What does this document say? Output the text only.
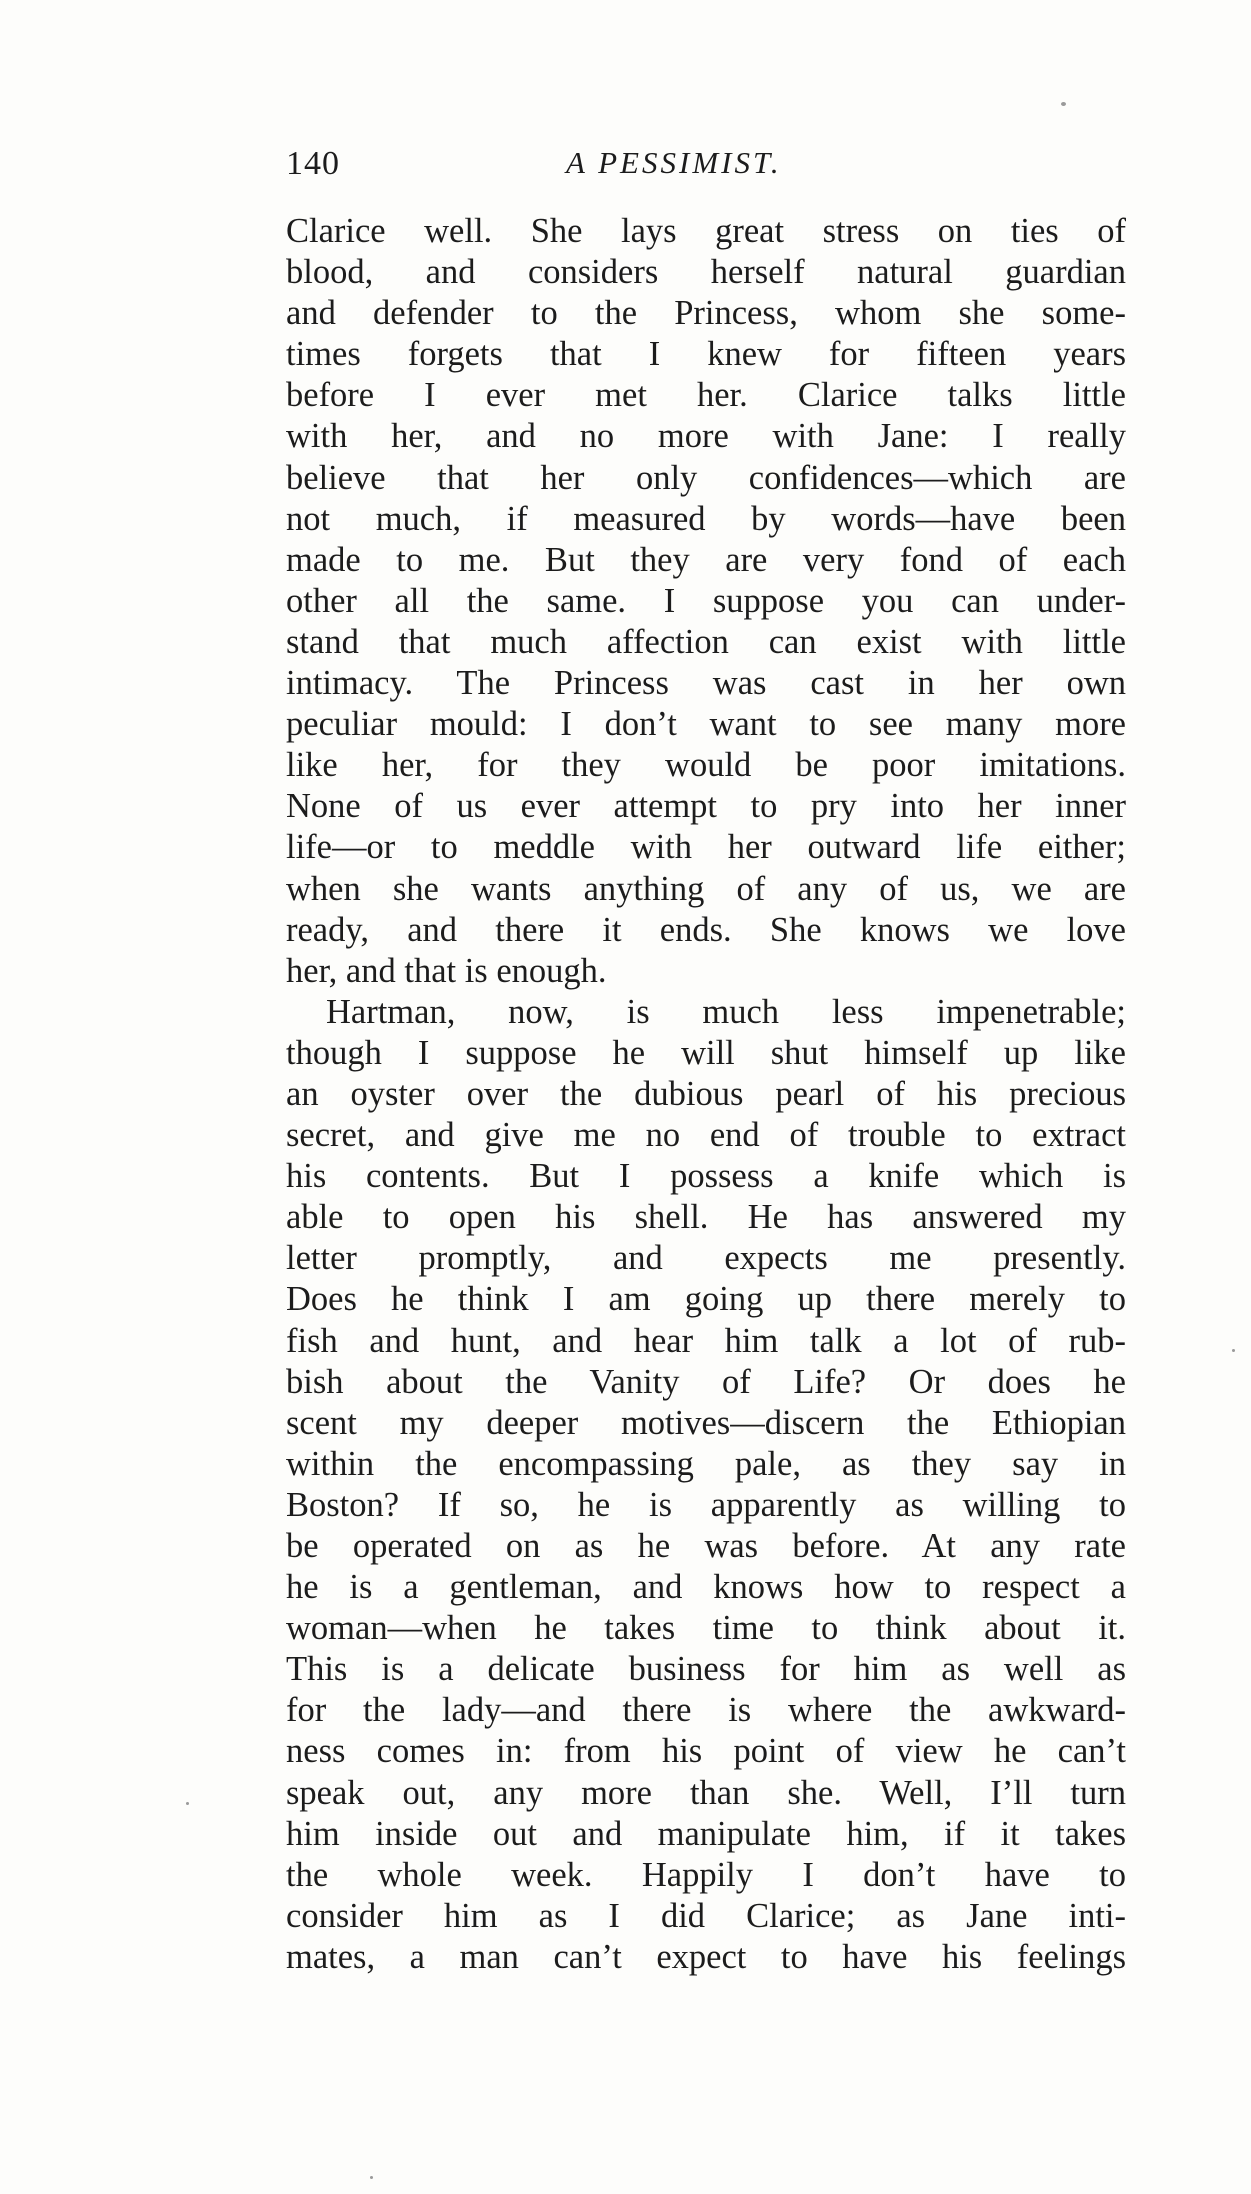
140	A PESSIMIST.
Clarice well. She lays great stress on ties of
blood, and considers herself natural guardian
and defender to the Princess, whom she some-
times forgets that I knew for fifteen years
before I ever met her. Clarice talks little
with her, and no more with Jane: I really
believe that her only confidences—which are
not much, if measured by words—have been
made to me. But they are very fond of each
other all the same. I suppose you can under-
stand that much affection can exist with little
intimacy. The Princess was cast in her own
peculiar mould: I don’t want to see many more
like her, for they would be poor imitations.
None of us ever attempt to pry into her inner
life—or to meddle with her outward life either;
when she wants anything of any of us, we are
ready, and there it ends. She knows we love
her, and that is enough.
Hartman, now, is much less impenetrable;
though I suppose he will shut himself up like
an oyster over the dubious pearl of his precious
secret, and give me no end of trouble to extract
his contents. But I possess a knife which is
able to open his shell. He has answered my
letter promptly, and expects me presently.
Does he think I am going up there merely to
fish and hunt, and hear him talk a lot of rub-
bish about the Vanity of Life? Or does he
scent my deeper motives—discern the Ethiopian
within the encompassing pale, as they say in
Boston? If so, he is apparently as willing to
be operated on as he was before. At any rate
he is a gentleman, and knows how to respect a
woman—when he takes time to think about it.
This is a delicate business for him as well as
for the lady—and there is where the awkward-
ness comes in: from his point of view he can’t
speak out, any more than she. Well, I’ll turn
him inside out and manipulate him, if it takes
the whole week. Happily I don’t have to
consider him as I did Clarice; as Jane inti-
mates, a man can’t expect to have his feelings
